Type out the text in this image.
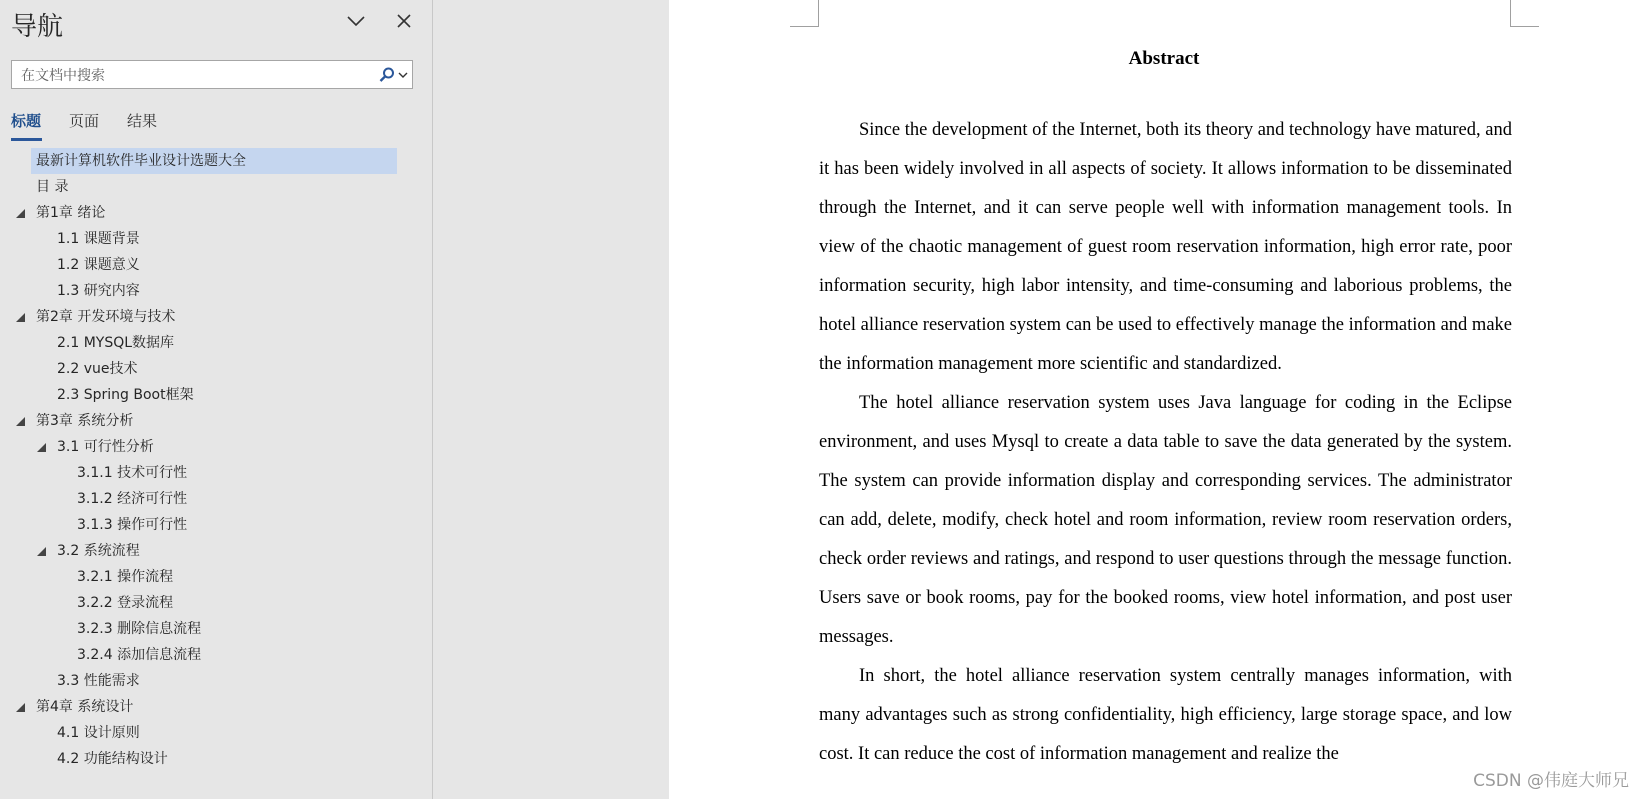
导航
在文档中搜索
标题 页面 结果
最新计算机软件毕业设计选题大全
目 录
第1章 绪论
1.1 课题背景
1.2 课题意义
1.3 研究内容
第2章 开发环境与技术
2.1 MYSQL数据库
2.2 vue技术
2.3 Spring Boot框架
第3章 系统分析
3.1 可行性分析
3.1.1 技术可行性
3.1.2 经济可行性
3.1.3 操作可行性
3.2 系统流程
3.2.1 操作流程
3.2.2 登录流程
3.2.3 删除信息流程
3.2.4 添加信息流程
3.3 性能需求
第4章 系统设计
4.1 设计原则
4.2 功能结构设计
Abstract

Since the development of the Internet, both its theory and technology have matured, and it has been widely involved in all aspects of society. It allows information to be disseminated through the Internet, and it can serve people well with information management tools. In view of the chaotic management of guest room reservation information, high error rate, poor information security, high labor intensity, and time-consuming and laborious problems, the hotel alliance reservation system can be used to effectively manage the information and make the information management more scientific and standardized.

The hotel alliance reservation system uses Java language for coding in the Eclipse environment, and uses Mysql to create a data table to save the data generated by the system. The system can provide information display and corresponding services. The administrator can add, delete, modify, check hotel and room information, review room reservation orders, check order reviews and ratings, and respond to user questions through the message function. Users save or book rooms, pay for the booked rooms, view hotel information, and post user messages.

In short, the hotel alliance reservation system centrally manages information, with many advantages such as strong confidentiality, high efficiency, large storage space, and low cost. It can reduce the cost of information management and realize the

CSDN @伟庭大师兄
